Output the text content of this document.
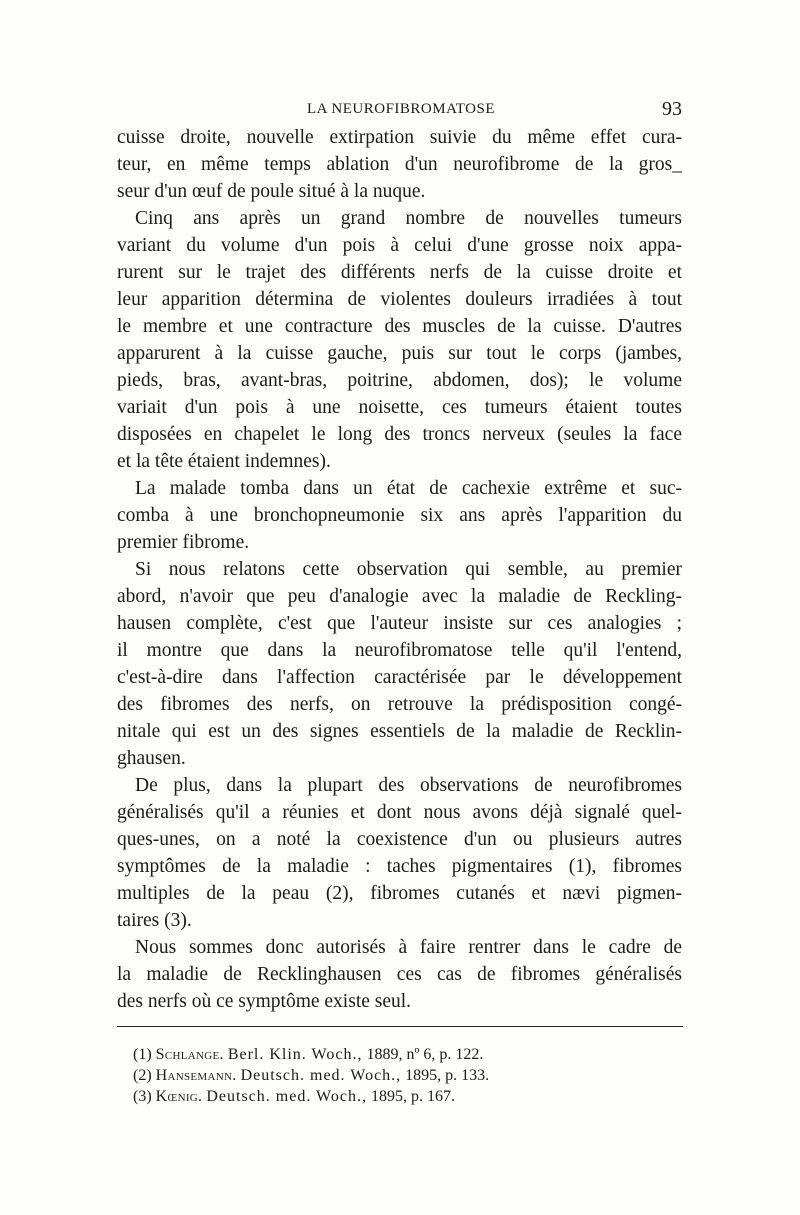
LA NEUROFIBROMATOSE	93
cuisse droite, nouvelle extirpation suivie du même effet cura-
teur, en même temps ablation d'un neurofibrome de la gros_
seur d'un œuf de poule situé à la nuque.
Cinq ans après un grand nombre de nouvelles tumeurs
variant du volume d'un pois à celui d'une grosse noix appa-
rurent sur le trajet des différents nerfs de la cuisse droite et
leur apparition détermina de violentes douleurs irradiées à tout
le membre et une contracture des muscles de la cuisse. D'autres
apparurent à la cuisse gauche, puis sur tout le corps (jambes,
pieds, bras, avant-bras, poitrine, abdomen, dos); le volume
variait d'un pois à une noisette, ces tumeurs étaient toutes
disposées en chapelet le long des troncs nerveux (seules la face
et la tête étaient indemnes).
La malade tomba dans un état de cachexie extrême et suc-
comba à une bronchopneumonie six ans après l'apparition du
premier fibrome.
Si nous relatons cette observation qui semble, au premier
abord, n'avoir que peu d'analogie avec la maladie de Reckling-
hausen complète, c'est que l'auteur insiste sur ces analogies ;
il montre que dans la neurofibromatose telle qu'il l'entend,
c'est-à-dire dans l'affection caractérisée par le développement
des fibromes des nerfs, on retrouve la prédisposition congé-
nitale qui est un des signes essentiels de la maladie de Recklin-
ghausen.
De plus, dans la plupart des observations de neurofibromes
généralisés qu'il a réunies et dont nous avons déjà signalé quel-
ques-unes, on a noté la coexistence d'un ou plusieurs autres
symptômes de la maladie : taches pigmentaires (1), fibromes
multiples de la peau (2), fibromes cutanés et nævi pigmen-
taires (3).
Nous sommes donc autorisés à faire rentrer dans le cadre de
la maladie de Recklinghausen ces cas de fibromes généralisés
des nerfs où ce symptôme existe seul.
(1) Schlange. Berl. Klin. Woch., 1889, nº 6, p. 122.
(2) Hansemann. Deutsch. med. Woch., 1895, p. 133.
(3) Kœnig. Deutsch. med. Woch., 1895, p. 167.
